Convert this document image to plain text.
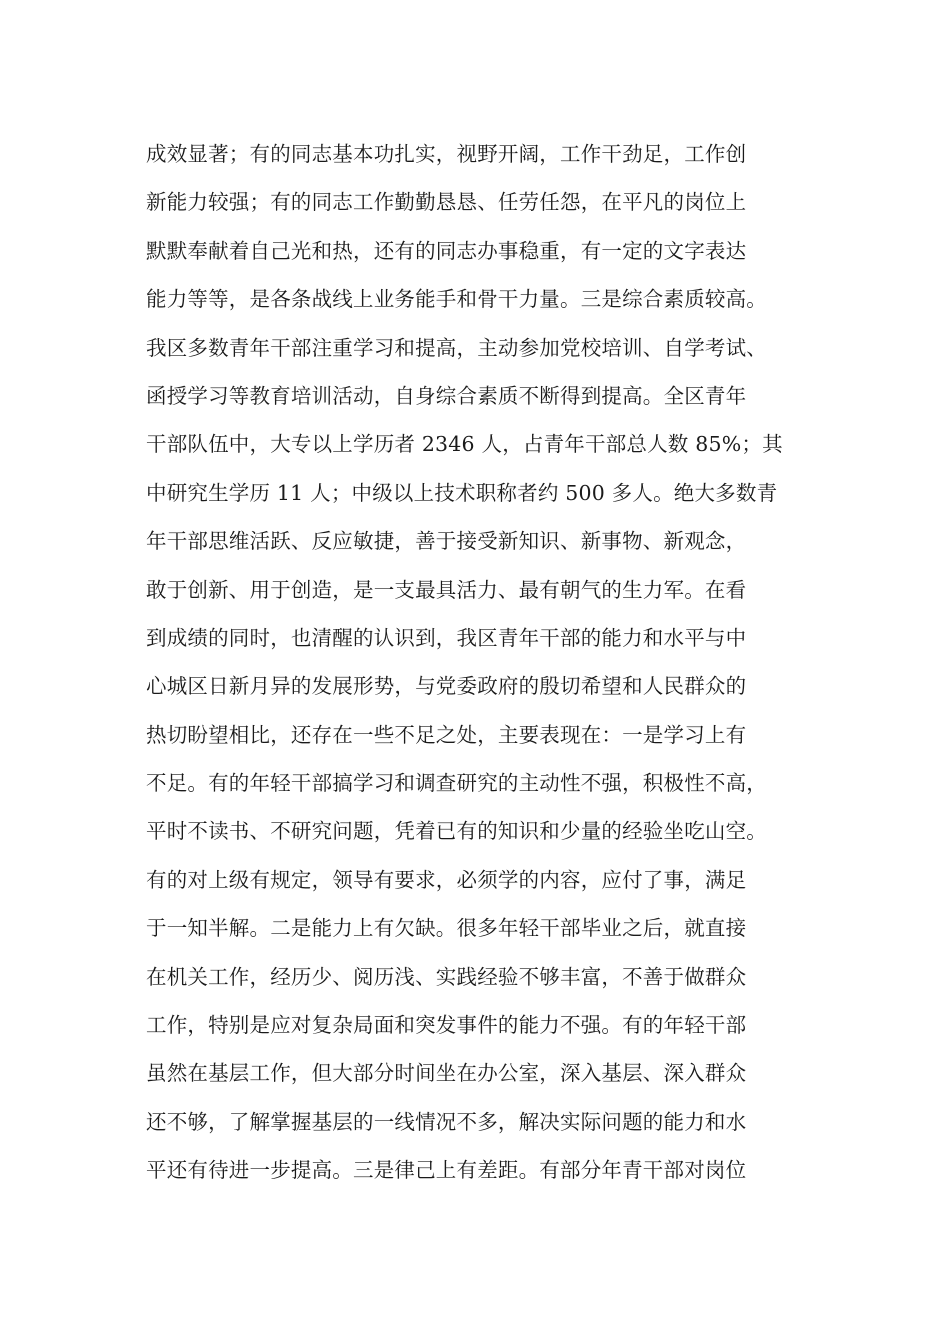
成效显著；有的同志基本功扎实，视野开阔，工作干劲足，工作创
新能力较强；有的同志工作勤勤恳恳、任劳任怨，在平凡的岗位上
默默奉献着自己光和热，还有的同志办事稳重，有一定的文字表达
能力等等，是各条战线上业务能手和骨干力量。三是综合素质较高。
我区多数青年干部注重学习和提高，主动参加党校培训、自学考试、
函授学习等教育培训活动，自身综合素质不断得到提高。全区青年
干部队伍中，大专以上学历者 2346 人，占青年干部总人数 85%；其
中研究生学历 11 人；中级以上技术职称者约 500 多人。绝大多数青
年干部思维活跃、反应敏捷，善于接受新知识、新事物、新观念，
敢于创新、用于创造，是一支最具活力、最有朝气的生力军。在看
到成绩的同时，也清醒的认识到，我区青年干部的能力和水平与中
心城区日新月异的发展形势，与党委政府的殷切希望和人民群众的
热切盼望相比，还存在一些不足之处，主要表现在：一是学习上有
不足。有的年轻干部搞学习和调查研究的主动性不强，积极性不高，
平时不读书、不研究问题，凭着已有的知识和少量的经验坐吃山空。
有的对上级有规定，领导有要求，必须学的内容，应付了事，满足
于一知半解。二是能力上有欠缺。很多年轻干部毕业之后，就直接
在机关工作，经历少、阅历浅、实践经验不够丰富，不善于做群众
工作，特别是应对复杂局面和突发事件的能力不强。有的年轻干部
虽然在基层工作，但大部分时间坐在办公室，深入基层、深入群众
还不够，了解掌握基层的一线情况不多，解决实际问题的能力和水
平还有待进一步提高。三是律己上有差距。有部分年青干部对岗位
